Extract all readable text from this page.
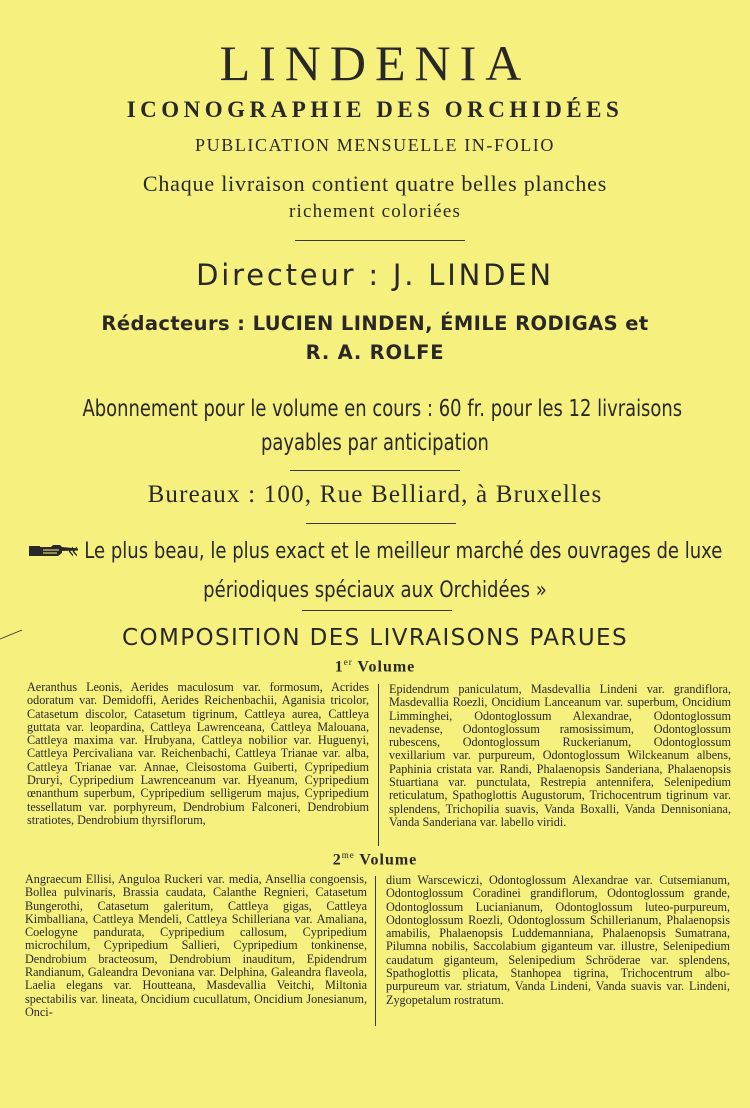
LINDENIA
ICONOGRAPHIE DES ORCHIDÉES
PUBLICATION MENSUELLE IN-FOLIO
Chaque livraison contient quatre belles planches
richement coloriées
Directeur : J. LINDEN
Rédacteurs : LUCIEN LINDEN, ÉMILE RODIGAS et
R. A. ROLFE
Abonnement pour le volume en cours : 60 fr. pour les 12 livraisons
payables par anticipation
Bureaux : 100, Rue Belliard, à Bruxelles
« Le plus beau, le plus exact et le meilleur marché des ouvrages de luxe
périodiques spéciaux aux Orchidées »
COMPOSITION DES LIVRAISONS PARUES
1er Volume
Aeranthus Leonis, Aerides maculosum var. formosum, Acrides odoratum var. Demidoffi, Aerides Reichenbachii, Aganisia tricolor, Catasetum discolor, Catasetum tigrinum, Cattleya aurea, Cattleya guttata var. leopardina, Cattleya Lawrenceana, Cattleya Malouana, Cattleya maxima var. Hrubyana, Cattleya nobilior var. Huguenyi, Cattleya Percivaliana var. Reichenbachi, Cattleya Trianae var. alba, Cattleya Trianae var. Annae, Cleisostoma Guiberti, Cypripedium Druryi, Cypripedium Lawrenceanum var. Hyeanum, Cypripedium œnanthum superbum, Cypripedium selligerum majus, Cypripedium tessellatum var. porphyreum, Dendrobium Falconeri, Dendrobium stratiotes, Dendrobium thyrsiflorum,
Epidendrum paniculatum, Masdevallia Lindeni var. grandiflora, Masdevallia Roezli, Oncidium Lanceanum var. superbum, Oncidium Limminghei, Odontoglossum Alexandrae, Odontoglossum nevadense, Odontoglossum ramosissimum, Odontoglossum rubescens, Odontoglossum Ruckerianum, Odontoglossum vexillarium var. purpureum, Odontoglossum Wilckeanum albens, Paphinia cristata var. Randi, Phalaenopsis Sanderiana, Phalaenopsis Stuartiana var. punctulata, Restrepia antennifera, Selenipedium reticulatum, Spathoglottis Augustorum, Trichocentrum tigrinum var. splendens, Trichopilia suavis, Vanda Boxalli, Vanda Dennisoniana, Vanda Sanderiana var. labello viridi.
$2^{me}$ Volume
Angraecum Ellisi, Anguloa Ruckeri var. media, Ansellia congoensis, Bollea pulvinaris, Brassia caudata, Calanthe Regnieri, Catasetum Bungerothi, Catasetum galeritum, Cattleya gigas, Cattleya Kimballiana, Cattleya Mendeli, Cattleya Schilleriana var. Amaliana, Coelogyne pandurata, Cypripedium callosum, Cypripedium microchilum, Cypripedium Sallieri, Cypripedium tonkinense, Dendrobium bracteosum, Dendrobium inauditum, Epidendrum Randianum, Galeandra Devoniana var. Delphina, Galeandra flaveola, Laelia elegans var. Houtteana, Masdevallia Veitchi, Miltonia spectabilis var. lineata, Oncidium cucullatum, Oncidium Jonesianum, Onci-
dium Warscewiczi, Odontoglossum Alexandrae var. Cutsemianum, Odontoglossum Coradinei grandiflorum, Odontoglossum grande, Odontoglossum Lucianianum, Odontoglossum luteo-purpureum, Odontoglossum Roezli, Odontoglossum Schillerianum, Phalaenopsis amabilis, Phalaenopsis Luddemanniana, Phalaenopsis Sumatrana, Pilumna nobilis, Saccolabium giganteum var. illustre, Selenipedium caudatum giganteum, Selenipedium Schröderae var. splendens, Spathoglottis plicata, Stanhopea tigrina, Trichocentrum albo-purpureum var. striatum, Vanda Lindeni, Vanda suavis var. Lindeni, Zygopetalum rostratum.
